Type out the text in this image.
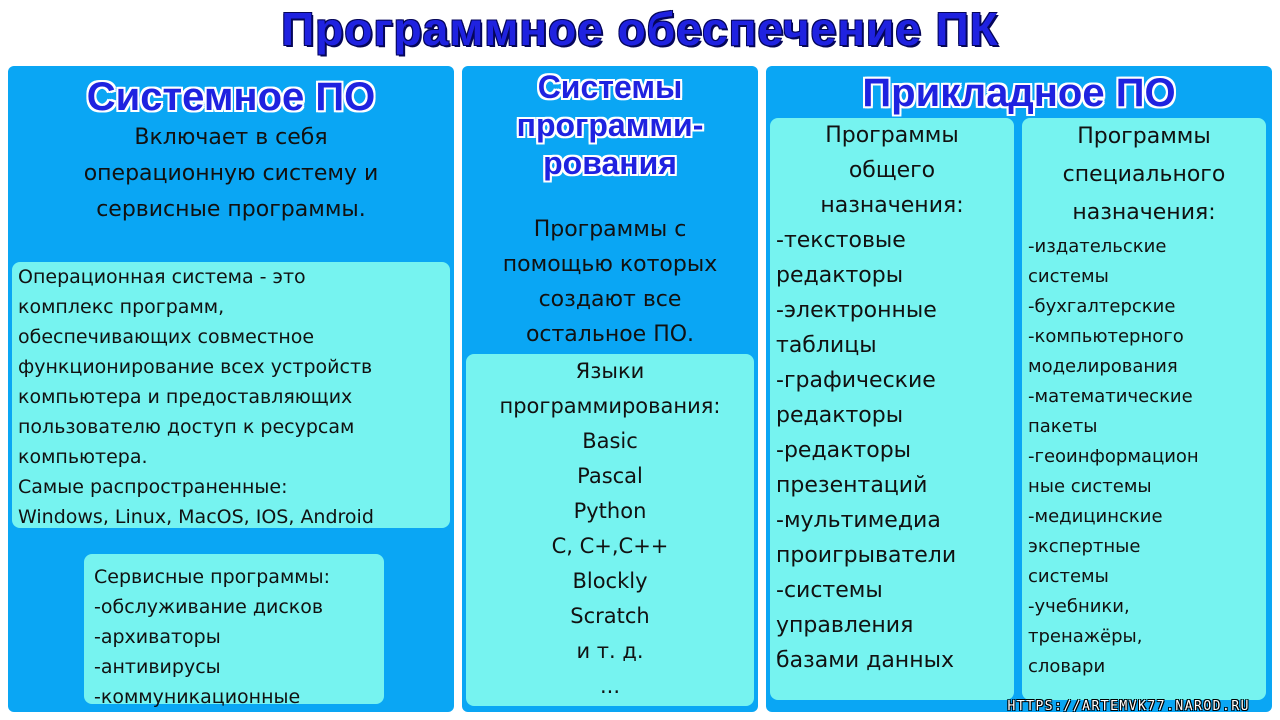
Программное обеспечение ПК
Системное ПО
Включает в себя
операционную систему и
сервисные программы.
Операционная система - это
комплекс программ,
обеспечивающих совместное
функционирование всех устройств
компьютера и предоставляющих
пользователю доступ к ресурсам
компьютера.
Самые распространенные:
Windows, Linux, MacOS, IOS, Android
Сервисные программы:
-обслуживание дисков
-архиваторы
-антивирусы
-коммуникационные
Системы
программи-
рования
Программы с
помощью которых
создают все
остальное ПО.
Языки
программирования:
Basic
Pascal
Python
C, C+,C++
Blockly
Scratch
и т. д.
...
Прикладное ПО
Программы
общего
назначения:
-текстовые
редакторы
-электронные
таблицы
-графические
редакторы
-редакторы
презентаций
-мультимедиа
проигрыватели
-системы
управления
базами данных
Программы
специального
назначения:
-издательские
системы
-бухгалтерские
-компьютерного
моделирования
-математические
пакеты
-геоинформацион
ные системы
-медицинские
экспертные
системы
-учебники,
тренажёры,
словари
HTTPS://ARTEMVK77.NAROD.RU
